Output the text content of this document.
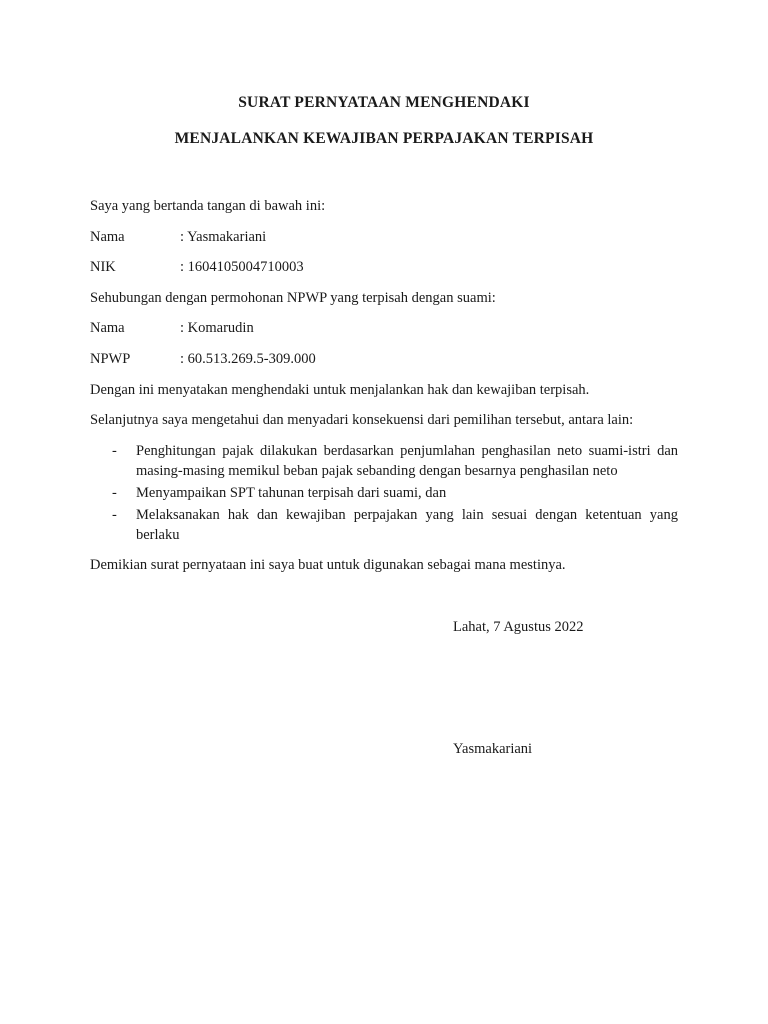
SURAT PERNYATAAN MENGHENDAKI
MENJALANKAN KEWAJIBAN PERPAJAKAN TERPISAH
Saya yang bertanda tangan di bawah ini:
Nama	: Yasmakariani
NIK	: 1604105004710003
Sehubungan dengan permohonan NPWP yang terpisah dengan suami:
Nama	: Komarudin
NPWP	: 60.513.269.5-309.000
Dengan ini menyatakan menghendaki untuk menjalankan hak dan kewajiban terpisah.
Selanjutnya saya mengetahui dan menyadari konsekuensi dari pemilihan tersebut, antara lain:
- Penghitungan pajak dilakukan berdasarkan penjumlahan penghasilan neto suami-istri dan masing-masing memikul beban pajak sebanding dengan besarnya penghasilan neto
- Menyampaikan SPT tahunan terpisah dari suami, dan
- Melaksanakan hak dan kewajiban perpajakan yang lain sesuai dengan ketentuan yang berlaku
Demikian surat pernyataan ini saya buat untuk digunakan sebagai mana mestinya.
Lahat, 7 Agustus 2022
Yasmakariani
